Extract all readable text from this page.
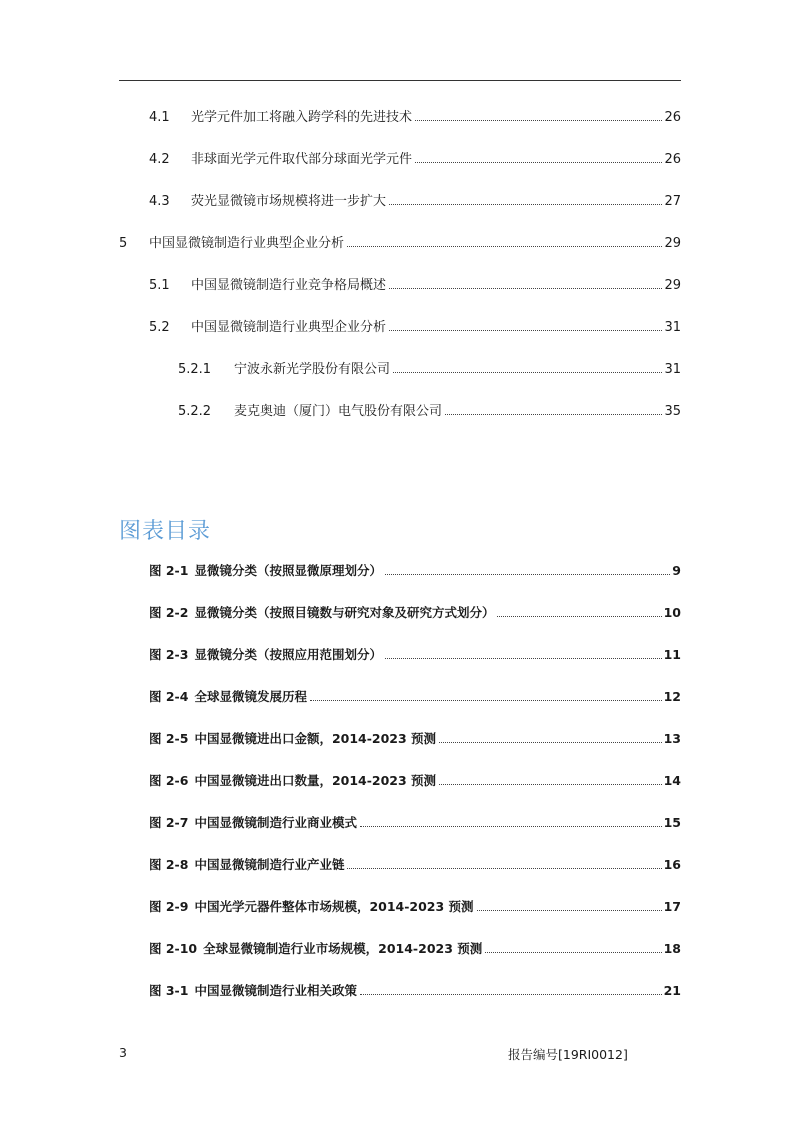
4.1	光学元件加工将融入跨学科的先进技术	26
4.2	非球面光学元件取代部分球面光学元件	26
4.3	荧光显微镜市场规模将进一步扩大	27
5	中国显微镜制造行业典型企业分析	29
5.1	中国显微镜制造行业竞争格局概述	29
5.2	中国显微镜制造行业典型企业分析	31
5.2.1	宁波永新光学股份有限公司	31
5.2.2	麦克奥迪（厦门）电气股份有限公司	35
图表目录
图 2-1 显微镜分类（按照显微原理划分）	9
图 2-2 显微镜分类（按照目镜数与研究对象及研究方式划分）	10
图 2-3 显微镜分类（按照应用范围划分）	11
图 2-4 全球显微镜发展历程	12
图 2-5 中国显微镜进出口金额，2014-2023 预测	13
图 2-6 中国显微镜进出口数量，2014-2023 预测	14
图 2-7 中国显微镜制造行业商业模式	15
图 2-8 中国显微镜制造行业产业链	16
图 2-9 中国光学元器件整体市场规模，2014-2023 预测	17
图 2-10 全球显微镜制造行业市场规模，2014-2023 预测	18
图 3-1 中国显微镜制造行业相关政策	21
3	报告编号[19RI0012]
